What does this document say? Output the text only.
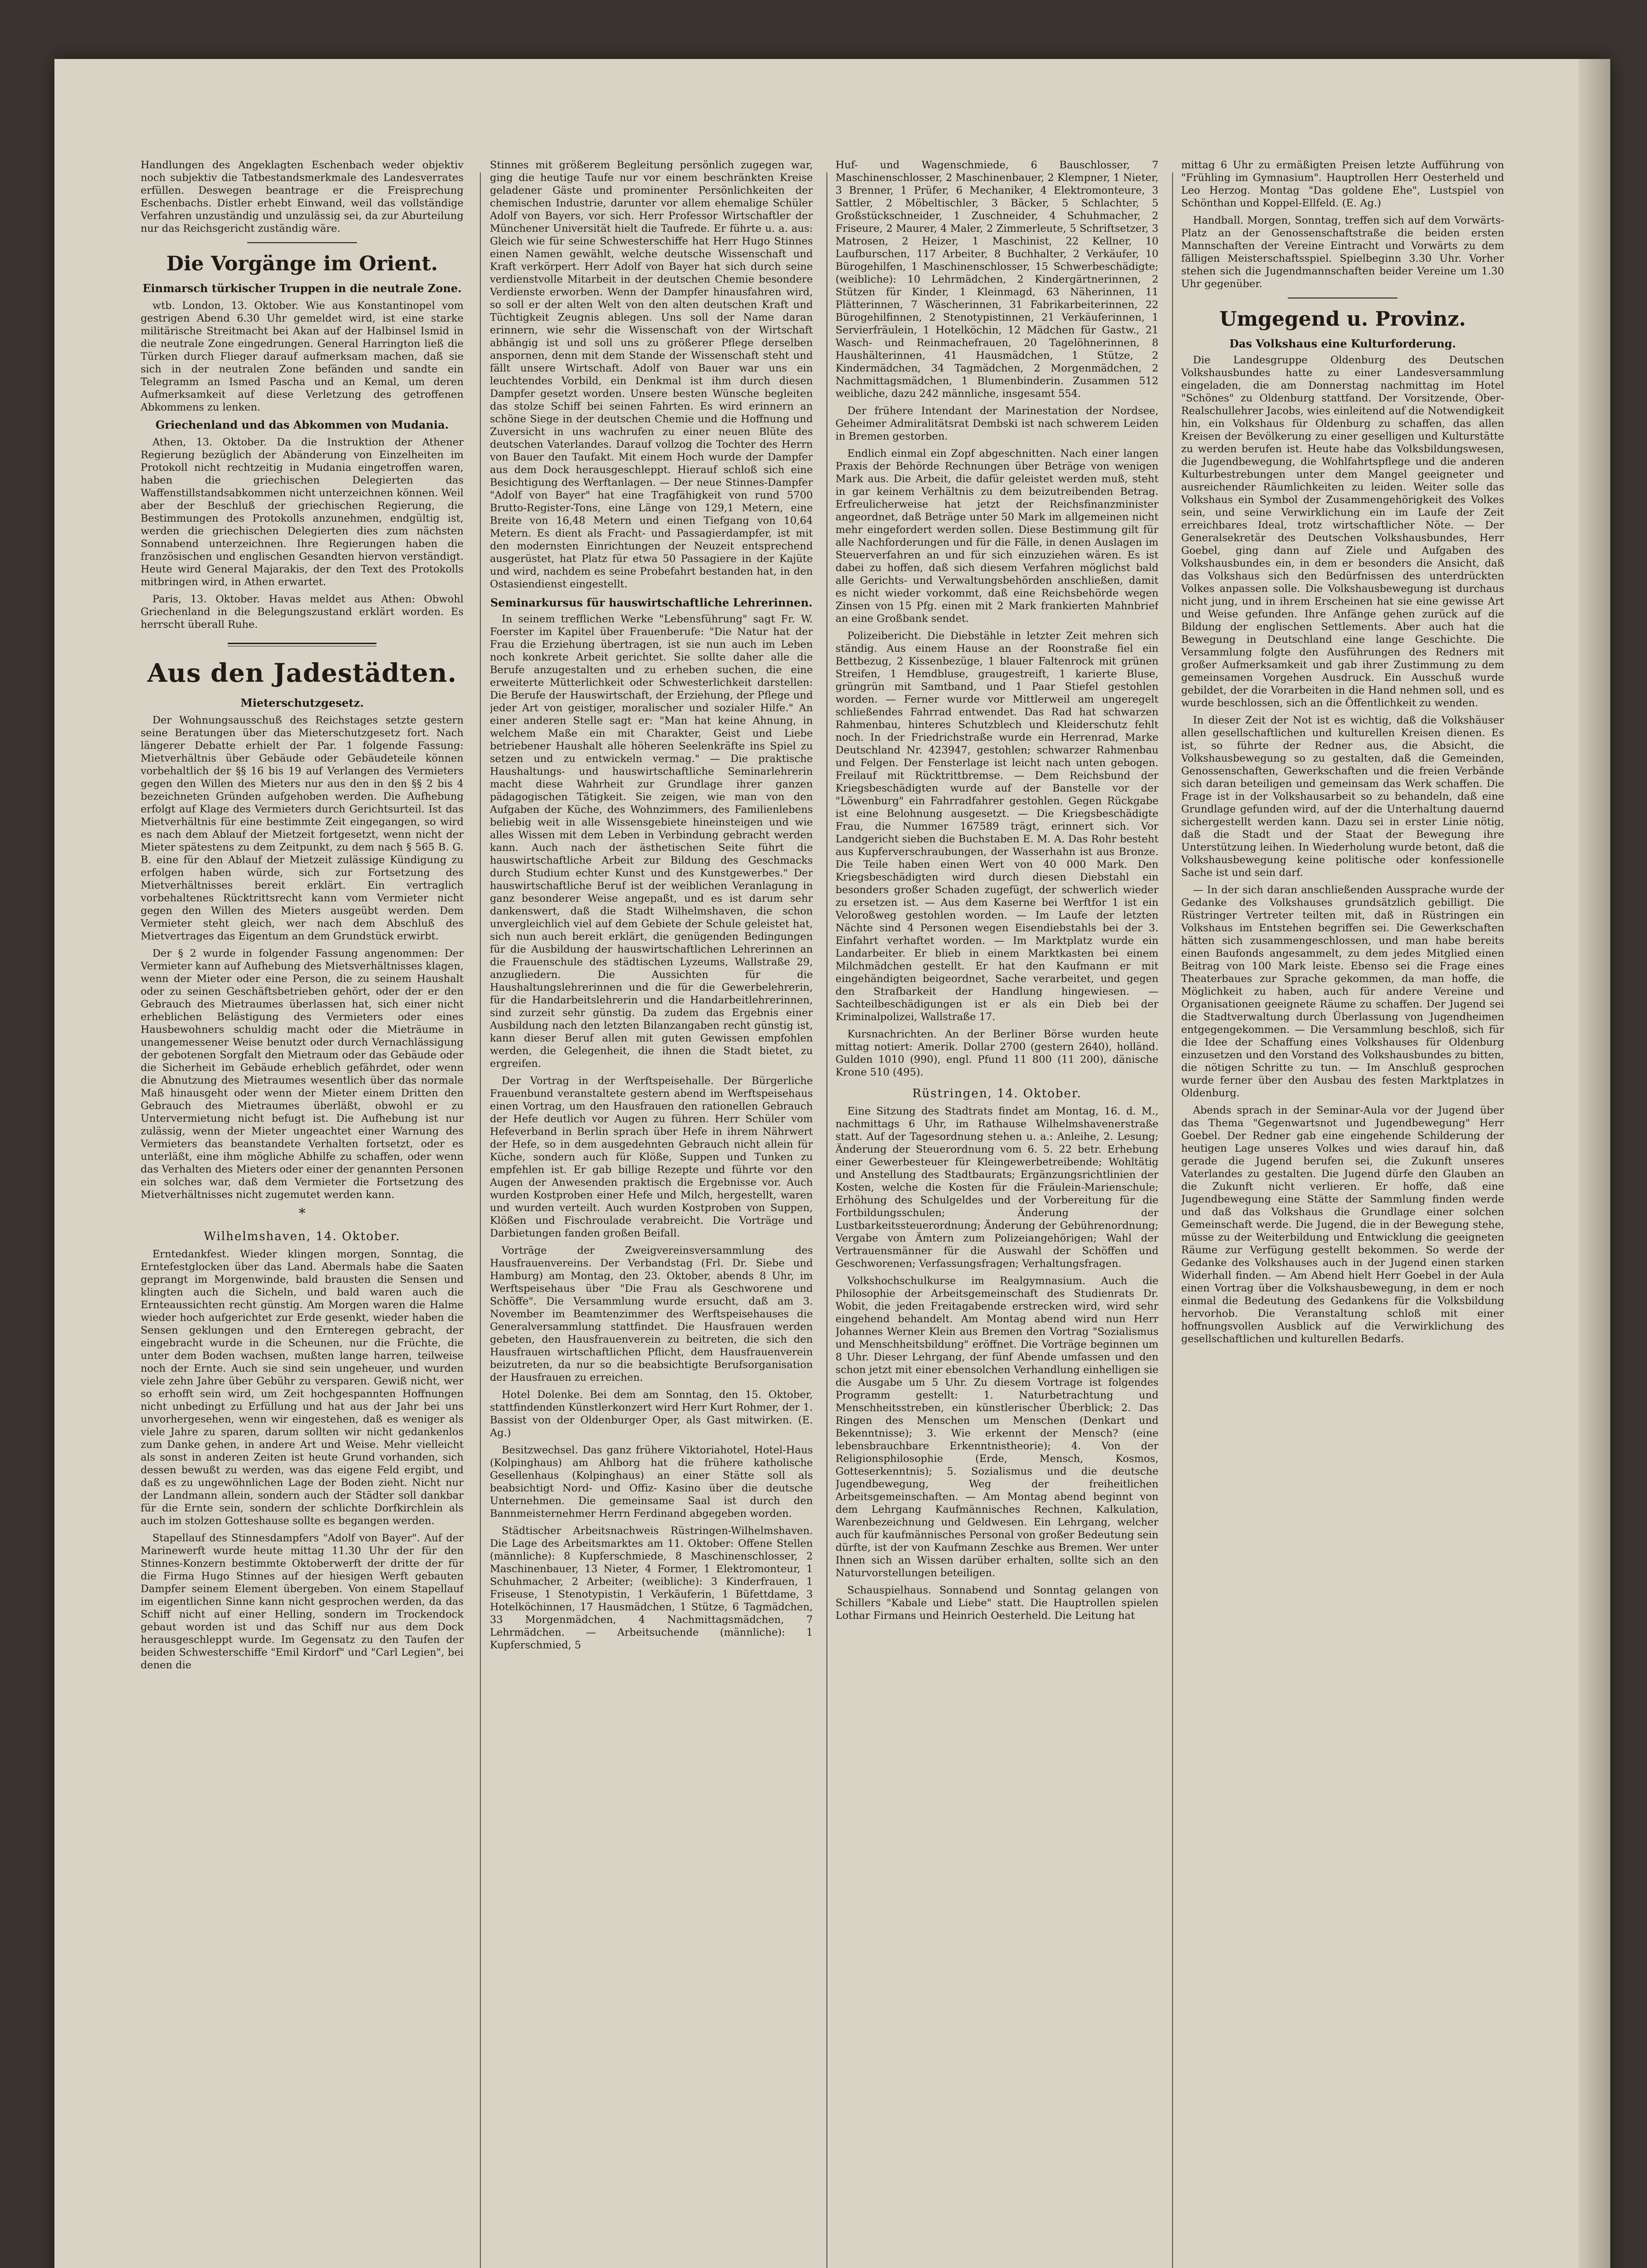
Handlungen des Angeklagten Eschenbach weder objektiv noch subjektiv die Tatbestandsmerkmale des Landesverrates erfüllen. Deswegen beantrage er die Freisprechung Eschenbachs. Distler erhebt Einwand, weil das vollständige Verfahren unzuständig und unzulässig sei, da zur Aburteilung nur das Reichsgericht zuständig wäre.

Die Vorgänge im Orient.
Einmarsch türkischer Truppen in die neutrale Zone.

wtb. London, 13. Oktober. Wie aus Konstantinopel vom gestrigen Abend 6.30 Uhr gemeldet wird, ist eine starke militärische Streitmacht bei Akan auf der Halbinsel Ismid in die neutrale Zone eingedrungen. General Harrington ließ die Türken durch Flieger darauf aufmerksam machen, daß sie sich in der neutralen Zone befänden und sandte ein Telegramm an Ismed Pascha und an Kemal, um deren Aufmerksamkeit auf diese Verletzung des getroffenen Abkommens zu lenken.

Griechenland und das Abkommen von Mudania.

Athen, 13. Oktober. Da die Instruktion der Athener Regierung bezüglich der Abänderung von Einzelheiten im Protokoll nicht rechtzeitig in Mudania eingetroffen waren, haben die griechischen Delegierten das Waffenstillstandsabkommen nicht unterzeichnen können. Weil aber der Beschluß der griechischen Regierung, die Bestimmungen des Protokolls anzunehmen, endgültig ist, werden die griechischen Delegierten dies zum nächsten Sonnabend unterzeichnen. Ihre Regierungen haben die französischen und englischen Gesandten hiervon verständigt. Heute wird General Majarakis, der den Text des Protokolls mitbringen wird, in Athen erwartet.

Paris, 13. Oktober. Havas meldet aus Athen: Obwohl Griechenland in die Belegungszustand erklärt worden. Es herrscht überall Ruhe.

Aus den Jadestädten.
Mieterschutzgesetz.

Der Wohnungsausschuß des Reichstages setzte gestern seine Beratungen über das Mieterschutzgesetz fort. Nach längerer Debatte erhielt der Par. 1 folgende Fassung: Mietverhältnis über Gebäude oder Gebäudeteile können vorbehaltlich der §§ 16 bis 19 auf Verlangen des Vermieters gegen den Willen des Mieters nur aus den in den §§ 2 bis 4 bezeichneten Gründen aufgehoben werden. Die Aufhebung erfolgt auf Klage des Vermieters durch Gerichtsurteil. Ist das Mietverhältnis für eine bestimmte Zeit eingegangen, so wird es nach dem Ablauf der Mietzeit fortgesetzt, wenn nicht der Mieter spätestens zu dem Zeitpunkt, zu dem nach § 565 B. G. B. eine für den Ablauf der Mietzeit zulässige Kündigung zu erfolgen haben würde, sich zur Fortsetzung des Mietverhältnisses bereit erklärt. Ein vertraglich vorbehaltenes Rücktrittsrecht kann vom Vermieter nicht gegen den Willen des Mieters ausgeübt werden. Dem Vermieter steht gleich, wer nach dem Abschluß des Mietvertrages das Eigentum an dem Grundstück erwirbt.

Der § 2 wurde in folgender Fassung angenommen: Der Vermieter kann auf Aufhebung des Mietsverhältnisses klagen, wenn der Mieter oder eine Person, die zu seinem Haushalt oder zu seinen Geschäftsbetrieben gehört, oder der er den Gebrauch des Mietraumes überlassen hat, sich einer nicht erheblichen Belästigung des Vermieters oder eines Hausbewohners schuldig macht oder die Mieträume in unangemessener Weise benutzt oder durch Vernachlässigung der gebotenen Sorgfalt den Mietraum oder das Gebäude oder die Sicherheit im Gebäude erheblich gefährdet, oder wenn die Abnutzung des Mietraumes wesentlich über das normale Maß hinausgeht oder wenn der Mieter einem Dritten den Gebrauch des Mietraumes überläßt, obwohl er zu Untervermietung nicht befugt ist. Die Aufhebung ist nur zulässig, wenn der Mieter ungeachtet einer Warnung des Vermieters das beanstandete Verhalten fortsetzt, oder es unterläßt, eine ihm mögliche Abhilfe zu schaffen, oder wenn das Verhalten des Mieters oder einer der genannten Personen ein solches war, daß dem Vermieter die Fortsetzung des Mietverhältnisses nicht zugemutet werden kann.

*
Wilhelmshaven, 14. Oktober.

Erntedankfest. Wieder klingen morgen, Sonntag, die Erntefestglocken über das Land. Abermals habe die Saaten geprangt im Morgenwinde, bald brausten die Sensen und klingten auch die Sicheln, und bald waren auch die Ernteaussichten recht günstig. Am Morgen waren die Halme wieder hoch aufgerichtet zur Erde gesenkt, wieder haben die Sensen geklungen und den Ernteregen gebracht, der eingebracht wurde in die Scheunen, nur die Früchte, die unter dem Boden wachsen, mußten lange harren, teilweise noch der Ernte. Auch sie sind sein ungeheuer, und wurden viele zehn Jahre über Gebühr zu versparen. Gewiß nicht, wer so erhofft sein wird, um Zeit hochgespannten Hoffnungen nicht unbedingt zu Erfüllung und hat aus der Jahr bei uns unvorhergesehen, wenn wir eingestehen, daß es weniger als viele Jahre zu sparen, darum sollten wir nicht gedankenlos zum Danke gehen, in andere Art und Weise. Mehr vielleicht als sonst in anderen Zeiten ist heute Grund vorhanden, sich dessen bewußt zu werden, was das eigene Feld ergibt, und daß es zu ungewöhnlichen Lage der Boden zieht. Nicht nur der Landmann allein, sondern auch der Städter soll dankbar für die Ernte sein, sondern der schlichte Dorfkirchlein als auch im stolzen Gotteshause sollte es begangen werden.

Stapellauf des Stinnesdampfers "Adolf von Bayer". Auf der Marinewerft wurde heute mittag 11.30 Uhr der für den Stinnes-Konzern bestimmte Oktoberwerft der dritte der für die Firma Hugo Stinnes auf der hiesigen Werft gebauten Dampfer seinem Element übergeben. Von einem Stapellauf im eigentlichen Sinne kann nicht gesprochen werden, da das Schiff nicht auf einer Helling, sondern im Trockendock gebaut worden ist und das Schiff nur aus dem Dock herausgeschleppt wurde. Im Gegensatz zu den Taufen der beiden Schwesterschiffe "Emil Kirdorf" und "Carl Legien", bei denen die

Stinnes mit größerem Begleitung persönlich zugegen war, ging die heutige Taufe nur vor einem beschränkten Kreise geladener Gäste und prominenter Persönlichkeiten der chemischen Industrie, darunter vor allem ehemalige Schüler Adolf von Bayers, vor sich. Herr Professor Wirtschaftler der Münchener Universität hielt die Taufrede. Er führte u. a. aus: Gleich wie für seine Schwesterschiffe hat Herr Hugo Stinnes einen Namen gewählt, welche deutsche Wissenschaft und Kraft verkörpert. Herr Adolf von Bayer hat sich durch seine verdienstvolle Mitarbeit in der deutschen Chemie besondere Verdienste erworben. Wenn der Dampfer hinausfahren wird, so soll er der alten Welt von den alten deutschen Kraft und Tüchtigkeit Zeugnis ablegen. Uns soll der Name daran erinnern, wie sehr die Wissenschaft von der Wirtschaft abhängig ist und soll uns zu größerer Pflege derselben anspornen, denn mit dem Stande der Wissenschaft steht und fällt unsere Wirtschaft. Adolf von Bauer war uns ein leuchtendes Vorbild, ein Denkmal ist ihm durch diesen Dampfer gesetzt worden. Unsere besten Wünsche begleiten das stolze Schiff bei seinen Fahrten. Es wird erinnern an schöne Siege in der deutschen Chemie und die Hoffnung und Zuversicht in uns wachrufen zu einer neuen Blüte des deutschen Vaterlandes. Darauf vollzog die Tochter des Herrn von Bauer den Taufakt. Mit einem Hoch wurde der Dampfer aus dem Dock herausgeschleppt. Hierauf schloß sich eine Besichtigung des Werftanlagen. — Der neue Stinnes-Dampfer "Adolf von Bayer" hat eine Tragfähigkeit von rund 5700 Brutto-Register-Tons, eine Länge von 129,1 Metern, eine Breite von 16,48 Metern und einen Tiefgang von 10,64 Metern. Es dient als Fracht- und Passagierdampfer, ist mit den modernsten Einrichtungen der Neuzeit entsprechend ausgerüstet, hat Platz für etwa 50 Passagiere in der Kajüte und wird, nachdem es seine Probefahrt bestanden hat, in den Ostasiendienst eingestellt.

Seminarkursus für hauswirtschaftliche Lehrerinnen.

In seinem trefflichen Werke "Lebensführung" sagt Fr. W. Foerster im Kapitel über Frauenberufe: "Die Natur hat der Frau die Erziehung übertragen, ist sie nun auch im Leben noch konkrete Arbeit gerichtet. Sie sollte daher alle die Berufe anzugestalten und zu erheben suchen, die eine erweiterte Mütterlichkeit oder Schwesterlichkeit darstellen: Die Berufe der Hauswirtschaft, der Erziehung, der Pflege und jeder Art von geistiger, moralischer und sozialer Hilfe." An einer anderen Stelle sagt er: "Man hat keine Ahnung, in welchem Maße ein mit Charakter, Geist und Liebe betriebener Haushalt alle höheren Seelenkräfte ins Spiel zu setzen und zu entwickeln vermag." — Die praktische Haushaltungs- und hauswirtschaftliche Seminarlehrerin macht diese Wahrheit zur Grundlage ihrer ganzen pädagogischen Tätigkeit. Sie zeigen, wie man von den Aufgaben der Küche, des Wohnzimmers, des Familienlebens beliebig weit in alle Wissensgebiete hineinsteigen und wie alles Wissen mit dem Leben in Verbindung gebracht werden kann. Auch nach der ästhetischen Seite führt die hauswirtschaftliche Arbeit zur Bildung des Geschmacks durch Studium echter Kunst und des Kunstgewerbes." Der hauswirtschaftliche Beruf ist der weiblichen Veranlagung in ganz besonderer Weise angepaßt, und es ist darum sehr dankenswert, daß die Stadt Wilhelmshaven, die schon unvergleichlich viel auf dem Gebiete der Schule geleistet hat, sich nun auch bereit erklärt, die genügenden Bedingungen für die Ausbildung der hauswirtschaftlichen Lehrerinnen an die Frauenschule des städtischen Lyzeums, Wallstraße 29, anzugliedern. Die Aussichten für die Haushaltungslehrerinnen und die für die Gewerbelehrerin, für die Handarbeitslehrerin und die Handarbeitlehrerinnen, sind zurzeit sehr günstig. Da zudem das Ergebnis einer Ausbildung nach den letzten Bilanzangaben recht günstig ist, kann dieser Beruf allen mit guten Gewissen empfohlen werden, die Gelegenheit, die ihnen die Stadt bietet, zu ergreifen.

Der Vortrag in der Werftspeisehalle. Der Bürgerliche Frauenbund veranstaltete gestern abend im Werftspeisehaus einen Vortrag, um den Hausfrauen den rationellen Gebrauch der Hefe deutlich vor Augen zu führen. Herr Schüler vom Hefeverband in Berlin sprach über Hefe in ihrem Nährwert der Hefe, so in dem ausgedehnten Gebrauch nicht allein für Küche, sondern auch für Klöße, Suppen und Tunken zu empfehlen ist. Er gab billige Rezepte und führte vor den Augen der Anwesenden praktisch die Ergebnisse vor. Auch wurden Kostproben einer Hefe und Milch, hergestellt, waren und wurden verteilt. Auch wurden Kostproben von Suppen, Klößen und Fischroulade verabreicht. Die Vorträge und Darbietungen fanden großen Beifall.

Vorträge der Zweigvereinsversammlung des Hausfrauenvereins. Der Verbandstag (Frl. Dr. Siebe und Hamburg) am Montag, den 23. Oktober, abends 8 Uhr, im Werftspeisehaus über "Die Frau als Geschworene und Schöffe". Die Versammlung wurde ersucht, daß am 3. November im Beamtenzimmer des Werftspeisehauses die Generalversammlung stattfindet. Die Hausfrauen werden gebeten, den Hausfrauenverein zu beitreten, die sich den Hausfrauen wirtschaftlichen Pflicht, dem Hausfrauenverein beizutreten, da nur so die beabsichtigte Berufsorganisation der Hausfrauen zu erreichen.

Hotel Dolenke. Bei dem am Sonntag, den 15. Oktober, stattfindenden Künstlerkonzert wird Herr Kurt Rohmer, der 1. Bassist von der Oldenburger Oper, als Gast mitwirken. (E. Ag.)

Besitzwechsel. Das ganz frühere Viktoriahotel, Hotel-Haus (Kolpinghaus) am Ahlborg hat die frühere katholische Gesellenhaus (Kolpinghaus) an einer Stätte soll als beabsichtigt Nord- und Offiz- Kasino über die deutsche Unternehmen. Die gemeinsame Saal ist durch den Bannmeisternehmer Herrn Ferdinand abgegeben worden.

Städtischer Arbeitsnachweis Rüstringen-Wilhelmshaven. Die Lage des Arbeitsmarktes am 11. Oktober: Offene Stellen (männliche): 8 Kupferschmiede, 8 Maschinenschlosser, 2 Maschinenbauer, 13 Nieter, 4 Former, 1 Elektromonteur, 1 Schuhmacher, 2 Arbeiter; (weibliche): 3 Kinderfrauen, 1 Friseuse, 1 Stenotypistin, 1 Verkäuferin, 1 Büfettdame, 3 Hotelköchinnen, 17 Hausmädchen, 1 Stütze, 6 Tagmädchen, 33 Morgenmädchen, 4 Nachmittagsmädchen, 7 Lehrmädchen. — Arbeitsuchende (männliche): 1 Kupferschmied, 5

Huf- und Wagenschmiede, 6 Bauschlosser, 7 Maschinenschlosser, 2 Maschinenbauer, 2 Klempner, 1 Nieter, 3 Brenner, 1 Prüfer, 6 Mechaniker, 4 Elektromonteure, 3 Sattler, 2 Möbeltischler, 3 Bäcker, 5 Schlachter, 5 Großstückschneider, 1 Zuschneider, 4 Schuhmacher, 2 Friseure, 2 Maurer, 4 Maler, 2 Zimmerleute, 5 Schriftsetzer, 3 Matrosen, 2 Heizer, 1 Maschinist, 22 Kellner, 10 Laufburschen, 117 Arbeiter, 8 Buchhalter, 2 Verkäufer, 10 Bürogehilfen, 1 Maschinenschlosser, 15 Schwerbeschädigte; (weibliche): 10 Lehrmädchen, 2 Kindergärtnerinnen, 2 Stützen für Kinder, 1 Kleinmagd, 63 Näherinnen, 11 Plätterinnen, 7 Wäscherinnen, 31 Fabrikarbeiterinnen, 22 Bürogehilfinnen, 2 Stenotypistinnen, 21 Verkäuferinnen, 1 Servierfräulein, 1 Hotelköchin, 12 Mädchen für Gastw., 21 Wasch- und Reinmachefrauen, 20 Tagelöhnerinnen, 8 Haushälterinnen, 41 Hausmädchen, 1 Stütze, 2 Kindermädchen, 34 Tagmädchen, 2 Morgenmädchen, 2 Nachmittagsmädchen, 1 Blumenbinderin. Zusammen 512 weibliche, dazu 242 männliche, insgesamt 554.

Der frühere Intendant der Marinestation der Nordsee, Geheimer Admiralitätsrat Dembski ist nach schwerem Leiden in Bremen gestorben.

Endlich einmal ein Zopf abgeschnitten. Nach einer langen Praxis der Behörde Rechnungen über Beträge von wenigen Mark aus. Die Arbeit, die dafür geleistet werden muß, steht in gar keinem Verhältnis zu dem beizutreibenden Betrag. Erfreulicherweise hat jetzt der Reichsfinanzminister angeordnet, daß Beträge unter 50 Mark im allgemeinen nicht mehr eingefordert werden sollen. Diese Bestimmung gilt für alle Nachforderungen und für die Fälle, in denen Auslagen im Steuerverfahren an und für sich einzuziehen wären. Es ist dabei zu hoffen, daß sich diesem Verfahren möglichst bald alle Gerichts- und Verwaltungsbehörden anschließen, damit es nicht wieder vorkommt, daß eine Reichsbehörde wegen Zinsen von 15 Pfg. einen mit 2 Mark frankierten Mahnbrief an eine Großbank sendet.

Polizeibericht. Die Diebstähle in letzter Zeit mehren sich ständig. Aus einem Hause an der Roonstraße fiel ein Bettbezug, 2 Kissenbezüge, 1 blauer Faltenrock mit grünen Streifen, 1 Hemdbluse, graugestreift, 1 karierte Bluse, grüngrün mit Samtband, und 1 Paar Stiefel gestohlen worden. — Ferner wurde vor Mittlerweil am ungeregelt schließendes Fahrrad entwendet. Das Rad hat schwarzen Rahmenbau, hinteres Schutzblech und Kleiderschutz fehlt noch. In der Friedrichstraße wurde ein Herrenrad, Marke Deutschland Nr. 423947, gestohlen; schwarzer Rahmenbau und Felgen. Der Fensterlage ist leicht nach unten gebogen. Freilauf mit Rücktrittbremse. — Dem Reichsbund der Kriegsbeschädigten wurde auf der Banstelle vor der "Löwenburg" ein Fahrradfahrer gestohlen. Gegen Rückgabe ist eine Belohnung ausgesetzt. — Die Kriegsbeschädigte Frau, die Nummer 167589 trägt, erinnert sich. Vor Landgericht sieben die Buchstaben E. M. A. Das Rohr besteht aus Kupferverschraubungen, der Wasserhahn ist aus Bronze. Die Teile haben einen Wert von 40 000 Mark. Den Kriegsbeschädigten wird durch diesen Diebstahl ein besonders großer Schaden zugefügt, der schwerlich wieder zu ersetzen ist. — Aus dem Kaserne bei Werftfor 1 ist ein Veloroßweg gestohlen worden. — Im Laufe der letzten Nächte sind 4 Personen wegen Eisendiebstahls bei der 3. Einfahrt verhaftet worden. — Im Marktplatz wurde ein Landarbeiter. Er blieb in einem Marktkasten bei einem Milchmädchen gestellt. Er hat den Kaufmann er mit eingehändigten beigeordnet, Sache verarbeitet, und gegen den Strafbarkeit der Handlung hingewiesen. — Sachteilbeschädigungen ist er als ein Dieb bei der Kriminalpolizei, Wallstraße 17.

Kursnachrichten. An der Berliner Börse wurden heute mittag notiert: Amerik. Dollar 2700 (gestern 2640), holländ. Gulden 1010 (990), engl. Pfund 11 800 (11 200), dänische Krone 510 (495).

Rüstringen, 14. Oktober.

Eine Sitzung des Stadtrats findet am Montag, 16. d. M., nachmittags 6 Uhr, im Rathause Wilhelmshavenerstraße statt. Auf der Tagesordnung stehen u. a.: Anleihe, 2. Lesung; Änderung der Steuerordnung vom 6. 5. 22 betr. Erhebung einer Gewerbesteuer für Kleingewerbetreibende; Wohltätig und Anstellung des Stadtbaurats; Ergänzungsrichtlinien der Kosten, welche die Kosten für die Fräulein-Marienschule; Erhöhung des Schulgeldes und der Vorbereitung für die Fortbildungsschulen; Änderung der Lustbarkeitssteuerordnung; Änderung der Gebührenordnung; Vergabe von Ämtern zum Polizeiangehörigen; Wahl der Vertrauensmänner für die Auswahl der Schöffen und Geschworenen; Verfassungsfragen; Verhaltungsfragen.

Volkshochschulkurse im Realgymnasium. Auch die Philosophie der Arbeitsgemeinschaft des Studienrats Dr. Wobit, die jeden Freitagabende erstrecken wird, wird sehr eingehend behandelt. Am Montag abend wird nun Herr Johannes Werner Klein aus Bremen den Vortrag "Sozialismus und Menschheitsbildung" eröffnet. Die Vorträge beginnen um 8 Uhr. Dieser Lehrgang, der fünf Abende umfassen und den schon jetzt mit einer ebensolchen Verhandlung einhelligen sie die Ausgabe um 5 Uhr. Zu diesem Vortrage ist folgendes Programm gestellt: 1. Naturbetrachtung und Menschheitsstreben, ein künstlerischer Überblick; 2. Das Ringen des Menschen um Menschen (Denkart und Bekenntnisse); 3. Wie erkennt der Mensch? (eine lebensbrauchbare Erkenntnistheorie); 4. Von der Religionsphilosophie (Erde, Mensch, Kosmos, Gotteserkenntnis); 5. Sozialismus und die deutsche Jugendbewegung, Weg der freiheitlichen Arbeitsgemeinschaften. — Am Montag abend beginnt von dem Lehrgang Kaufmännisches Rechnen, Kalkulation, Warenbezeichnung und Geldwesen. Ein Lehrgang, welcher auch für kaufmännisches Personal von großer Bedeutung sein dürfte, ist der von Kaufmann Zeschke aus Bremen. Wer unter Ihnen sich an Wissen darüber erhalten, sollte sich an den Naturvorstellungen beteiligen.

Schauspielhaus. Sonnabend und Sonntag gelangen von Schillers "Kabale und Liebe" statt. Die Hauptrollen spielen Lothar Firmans und Heinrich Oesterheld. Die Leitung hat

mittag 6 Uhr zu ermäßigten Preisen letzte Aufführung von "Frühling im Gymnasium". Hauptrollen Herr Oesterheld und Leo Herzog. Montag "Das goldene Ehe", Lustspiel von Schönthan und Koppel-Ellfeld. (E. Ag.)

Handball. Morgen, Sonntag, treffen sich auf dem Vorwärts-Platz an der Genossenschaftstraße die beiden ersten Mannschaften der Vereine Eintracht und Vorwärts zu dem fälligen Meisterschaftsspiel. Spielbeginn 3.30 Uhr. Vorher stehen sich die Jugendmannschaften beider Vereine um 1.30 Uhr gegenüber.

Umgegend u. Provinz.
Das Volkshaus eine Kulturforderung.

Die Landesgruppe Oldenburg des Deutschen Volkshausbundes hatte zu einer Landesversammlung eingeladen, die am Donnerstag nachmittag im Hotel "Schönes" zu Oldenburg stattfand. Der Vorsitzende, Ober-Realschullehrer Jacobs, wies einleitend auf die Notwendigkeit hin, ein Volkshaus für Oldenburg zu schaffen, das allen Kreisen der Bevölkerung zu einer geselligen und Kulturstätte zu werden berufen ist. Heute habe das Volksbildungswesen, die Jugendbewegung, die Wohlfahrtspflege und die anderen Kulturbestrebungen unter dem Mangel geeigneter und ausreichender Räumlichkeiten zu leiden. Weiter solle das Volkshaus ein Symbol der Zusammengehörigkeit des Volkes sein, und seine Verwirklichung ein im Laufe der Zeit erreichbares Ideal, trotz wirtschaftlicher Nöte. — Der Generalsekretär des Deutschen Volkshausbundes, Herr Goebel, ging dann auf Ziele und Aufgaben des Volkshausbundes ein, in dem er besonders die Ansicht, daß das Volkshaus sich den Bedürfnissen des unterdrückten Volkes anpassen solle. Die Volkshausbewegung ist durchaus nicht jung, und in ihrem Erscheinen hat sie eine gewisse Art und Weise gefunden. Ihre Anfänge gehen zurück auf die Bildung der englischen Settlements. Aber auch hat die Bewegung in Deutschland eine lange Geschichte. Die Versammlung folgte den Ausführungen des Redners mit großer Aufmerksamkeit und gab ihrer Zustimmung zu dem gemeinsamen Vorgehen Ausdruck. Ein Ausschuß wurde gebildet, der die Vorarbeiten in die Hand nehmen soll, und es wurde beschlossen, sich an die Öffentlichkeit zu wenden.

In dieser Zeit der Not ist es wichtig, daß die Volkshäuser allen gesellschaftlichen und kulturellen Kreisen dienen. Es ist, so führte der Redner aus, die Absicht, die Volkshausbewegung so zu gestalten, daß die Gemeinden, Genossenschaften, Gewerkschaften und die freien Verbände sich daran beteiligen und gemeinsam das Werk schaffen. Die Frage ist in der Volkshausarbeit so zu behandeln, daß eine Grundlage gefunden wird, auf der die Unterhaltung dauernd sichergestellt werden kann. Dazu sei in erster Linie nötig, daß die Stadt und der Staat der Bewegung ihre Unterstützung leihen. In Wiederholung wurde betont, daß die Volkshausbewegung keine politische oder konfessionelle Sache ist und sein darf.

— In der sich daran anschließenden Aussprache wurde der Gedanke des Volkshauses grundsätzlich gebilligt. Die Rüstringer Vertreter teilten mit, daß in Rüstringen ein Volkshaus im Entstehen begriffen sei. Die Gewerkschaften hätten sich zusammengeschlossen, und man habe bereits einen Baufonds angesammelt, zu dem jedes Mitglied einen Beitrag von 100 Mark leiste. Ebenso sei die Frage eines Theaterbaues zur Sprache gekommen, da man hoffe, die Möglichkeit zu haben, auch für andere Vereine und Organisationen geeignete Räume zu schaffen. Der Jugend sei die Stadtverwaltung durch Überlassung von Jugendheimen entgegengekommen. — Die Versammlung beschloß, sich für die Idee der Schaffung eines Volkshauses für Oldenburg einzusetzen und den Vorstand des Volkshausbundes zu bitten, die nötigen Schritte zu tun. — Im Anschluß gesprochen wurde ferner über den Ausbau des festen Marktplatzes in Oldenburg.

Abends sprach in der Seminar-Aula vor der Jugend über das Thema "Gegenwartsnot und Jugendbewegung" Herr Goebel. Der Redner gab eine eingehende Schilderung der heutigen Lage unseres Volkes und wies darauf hin, daß gerade die Jugend berufen sei, die Zukunft unseres Vaterlandes zu gestalten. Die Jugend dürfe den Glauben an die Zukunft nicht verlieren. Er hoffe, daß eine Jugendbewegung eine Stätte der Sammlung finden werde und daß das Volkshaus die Grundlage einer solchen Gemeinschaft werde. Die Jugend, die in der Bewegung stehe, müsse zu der Weiterbildung und Entwicklung die geeigneten Räume zur Verfügung gestellt bekommen. So werde der Gedanke des Volkshauses auch in der Jugend einen starken Widerhall finden. — Am Abend hielt Herr Goebel in der Aula einen Vortrag über die Volkshausbewegung, in dem er noch einmal die Bedeutung des Gedankens für die Volksbildung hervorhob. Die Veranstaltung schloß mit einer hoffnungsvollen Ausblick auf die Verwirklichung des gesellschaftlichen und kulturellen Bedarfs.
